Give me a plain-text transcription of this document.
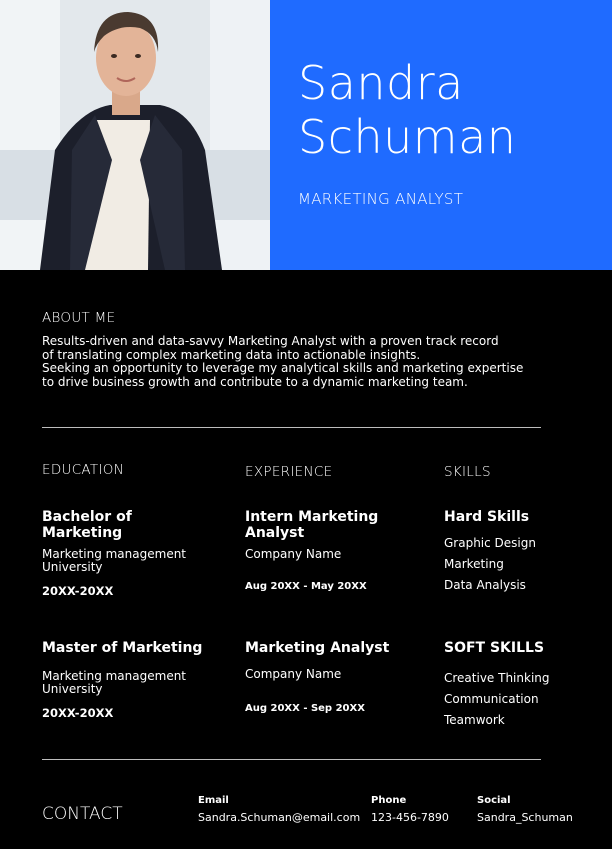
Sandra
Schuman
MARKETING ANALYST
ABOUT ME
Results-driven and data-savvy Marketing Analyst with a proven track record
of translating complex marketing data into actionable insights.
Seeking an opportunity to leverage my analytical skills and marketing expertise
to drive business growth and contribute to a dynamic marketing team.
EDUCATION
Bachelor of Marketing
Marketing management University
20XX-20XX
Master of Marketing
Marketing management University
20XX-20XX
EXPERIENCE
Intern Marketing Analyst
Company Name
Aug 20XX - May 20XX
Marketing Analyst
Company Name
Aug 20XX - Sep 20XX
SKILLS
Hard Skills
Graphic Design
Marketing
Data Analysis
SOFT SKILLS
Creative Thinking
Communication
Teamwork
CONTACT
Email
Sandra.Schuman@email.com
Phone
123-456-7890
Social
Sandra_Schuman
